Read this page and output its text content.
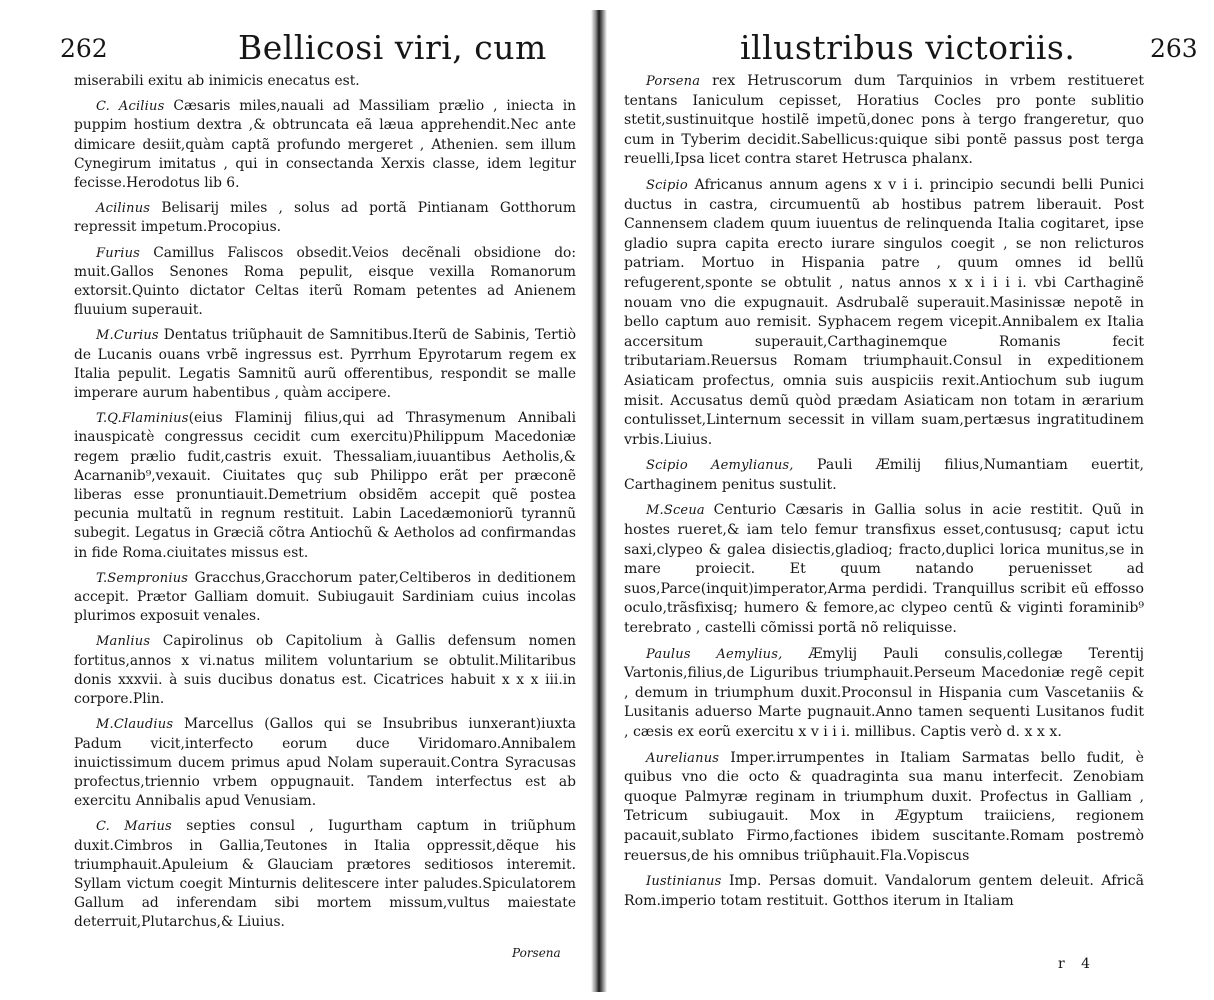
262	Bellicosi viri, cum

miserabili exitu ab inimicis enecatus est.

C. Acilius Cæsaris miles,nauali ad Massiliam prælio , iniecta in puppim hostium dextra ,& obtruncata eã læua apprehendit.Nec ante dimicare desiit,quàm captã profundo mergeret , Athenien. sem illum Cynegirum imitatus , qui in consectanda Xerxis classe, idem legitur fecisse.Herodotus lib 6.

Acilinus Belisarij miles , solus ad portã Pintianam Gotthorum repressit impetum.Procopius.

Furius Camillus Faliscos obsedit.Veios decẽnali obsidione do: muit.Gallos Senones Roma pepulit, eisque vexilla Romanorum extorsit.Quinto dictator Celtas iterũ Romam petentes ad Anienem fluuium superauit.

M.Curius Dentatus triũphauit de Samnitibus.Iterũ de Sabinis, Tertiò de Lucanis ouans vrbẽ ingressus est. Pyrrhum Epyrotarum regem ex Italia pepulit. Legatis Samnitũ aurũ offerentibus, respondit se malle imperare aurum habentibus , quàm accipere.

T.Q.Flaminius(eius Flaminij filius,qui ad Thrasymenum Annibali inauspicatè congressus cecidit cum exercitu)Philippum Macedoniæ regem prælio fudit,castris exuit. Thessaliam,iuuantibus Aetholis,& Acarnanib⁹,vexauit. Ciuitates quç sub Philippo erãt per præconẽ liberas esse pronuntiauit.Demetrium obsidẽm accepit quẽ postea pecunia multatũ in regnum restituit. Labin Lacedæmoniorũ tyrannũ subegit. Legatus in Græciã cõtra Antiochũ & Aetholos ad confirmandas in fide Roma.ciuitates missus est.

T.Sempronius Gracchus,Gracchorum pater,Celtiberos in deditionem accepit. Prætor Galliam domuit. Subiugauit Sardiniam cuius incolas plurimos exposuit venales.

Manlius Capirolinus ob Capitolium à Gallis defensum nomen fortitus,annos x vi.natus militem voluntarium se obtulit.Militaribus donis xxxvii. à suis ducibus donatus est. Cicatrices habuit x x x iii.in corpore.Plin.

M.Claudius Marcellus (Gallos qui se Insubribus iunxerant)iuxta Padum vicit,interfecto eorum duce Viridomaro.Annibalem inuictissimum ducem primus apud Nolam superauit.Contra Syracusas profectus,triennio vrbem oppugnauit. Tandem interfectus est ab exercitu Annibalis apud Venusiam.

C. Marius septies consul , Iugurtham captum in triũphum duxit.Cimbros in Gallia,Teutones in Italia oppressit,dẽque his triumphauit.Apuleium & Glauciam prætores seditiosos interemit. Syllam victum coegit Minturnis delitescere inter paludes.Spiculatorem Gallum ad inferendam sibi mortem missum,vultus maiestate deterruit,Plutarchus,& Liuius.

Porsena
illustribus victoriis.	263

Porsena rex Hetruscorum dum Tarquinios in vrbem restitueret tentans Ianiculum cepisset, Horatius Cocles pro ponte sublitio stetit,sustinuitque hostilẽ impetũ,donec pons à tergo frangeretur, quo cum in Tyberim decidit.Sabellicus:quique sibi pontẽ passus post terga reuelli,Ipsa licet contra staret Hetrusca phalanx.

Scipio Africanus annum agens x v i i. principio secundi belli Punici ductus in castra, circumuentũ ab hostibus patrem liberauit. Post Cannensem cladem quum iuuentus de relinquenda Italia cogitaret, ipse gladio supra capita erecto iurare singulos coegit , se non relicturos patriam. Mortuo in Hispania patre , quum omnes id bellũ refugerent,sponte se obtulit , natus annos x x i i i i. vbi Carthaginẽ nouam vno die expugnauit. Asdrubalẽ superauit.Masinissæ nepotẽ in bello captum auo remisit. Syphacem regem vicepit.Annibalem ex Italia accersitum superauit,Carthaginemque Romanis fecit tributariam.Reuersus Romam triumphauit.Consul in expeditionem Asiaticam profectus, omnia suis auspiciis rexit.Antiochum sub iugum misit. Accusatus demũ quòd prædam Asiaticam non totam in ærarium contulisset,Linternum secessit in villam suam,pertæsus ingratitudinem vrbis.Liuius.

Scipio Aemylianus, Pauli Æmilij filius,Numantiam euertit, Carthaginem penitus sustulit.

M.Sceua Centurio Cæsaris in Gallia solus in acie restitit. Quũ in hostes rueret,& iam telo femur transfixus esset,contususq; caput ictu saxi,clypeo & galea disiectis,gladioq; fracto,duplici lorica munitus,se in mare proiecit. Et quum natando peruenisset ad suos,Parce(inquit)imperator,Arma perdidi. Tranquillus scribit eũ effosso oculo,trãsfixisq; humero & femore,ac clypeo centũ & viginti foraminib⁹ terebrato , castelli cõmissi portã nõ reliquisse.

Paulus Aemylius, Æmylij Pauli consulis,collegæ Terentij Vartonis,filius,de Liguribus triumphauit.Perseum Macedoniæ regẽ cepit , demum in triumphum duxit.Proconsul in Hispania cum Vascetaniis & Lusitanis aduerso Marte pugnauit.Anno tamen sequenti Lusitanos fudit , cæsis ex eorũ exercitu x v i i i. millibus. Captis verò d. x x x.

Aurelianus Imper.irrumpentes in Italiam Sarmatas bello fudit, è quibus vno die octo & quadraginta sua manu interfecit. Zenobiam quoque Palmyræ reginam in triumphum duxit. Profectus in Galliam , Tetricum subiugauit. Mox in Ægyptum traiiciens, regionem pacauit,sublato Firmo,factiones ibidem suscitante.Romam postremò reuersus,de his omnibus triũphauit.Fla.Vopiscus

Iustinianus Imp. Persas domuit. Vandalorum gentem deleuit. Africã Rom.imperio totam restituit. Gotthos iterum in Italiam

r 4
